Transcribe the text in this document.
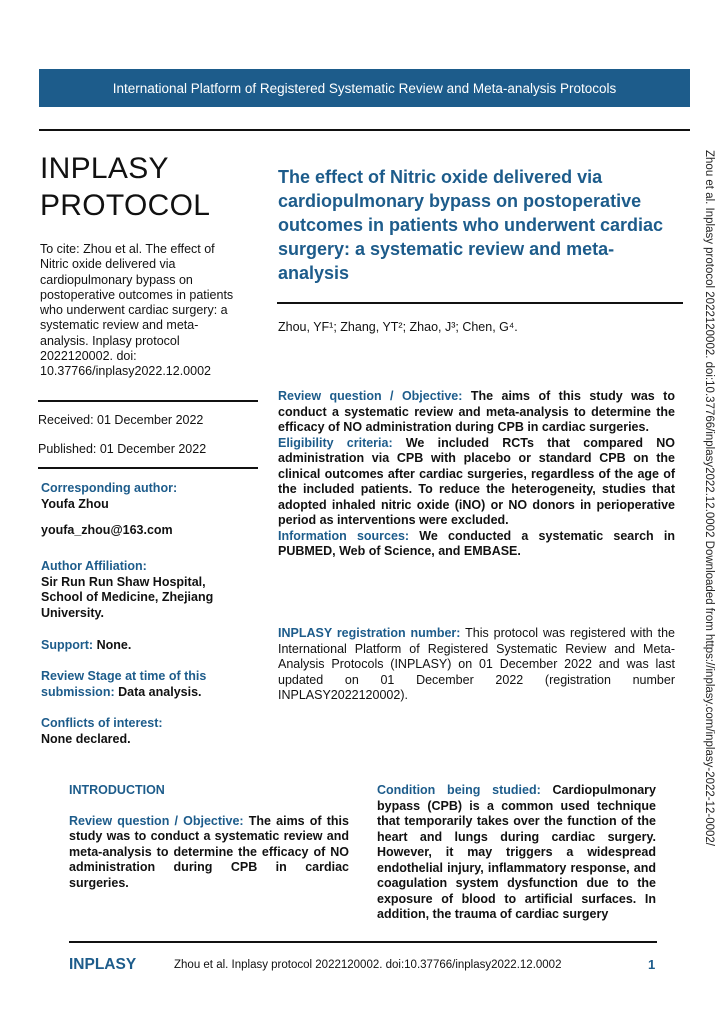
International Platform of Registered Systematic Review and Meta-analysis Protocols
Zhou et al. Inplasy protocol 2022120002. doi:10.37766/inplasy2022.12.0002 Downloaded from https://inplasy.com/inplasy-2022-12-0002/
INPLASY
PROTOCOL
To cite: Zhou et al. The effect of Nitric oxide delivered via cardiopulmonary bypass on postoperative outcomes in patients who underwent cardiac surgery: a systematic review and meta-analysis. Inplasy protocol 2022120002. doi: 10.37766/inplasy2022.12.0002
Received: 01 December 2022
Published: 01 December 2022
Corresponding author:
Youfa Zhou
youfa_zhou@163.com
Author Affiliation:
Sir Run Run Shaw Hospital, School of Medicine, Zhejiang University.
Support: None.
Review Stage at time of this submission: Data analysis.
Conflicts of interest:
None declared.
The effect of Nitric oxide delivered via cardiopulmonary bypass on postoperative outcomes in patients who underwent cardiac surgery: a systematic review and meta-analysis
Zhou, YF¹; Zhang, YT²; Zhao, J³; Chen, G⁴.

Review question / Objective: The aims of this study was to conduct a systematic review and meta-analysis to determine the efficacy of NO administration during CPB in cardiac surgeries.

Eligibility criteria: We included RCTs that compared NO administration via CPB with placebo or standard CPB on the clinical outcomes after cardiac surgeries, regardless of the age of the included patients. To reduce the heterogeneity, studies that adopted inhaled nitric oxide (iNO) or NO donors in perioperative period as interventions were excluded.

Information sources: We conducted a systematic search in PUBMED, Web of Science, and EMBASE.

INPLASY registration number: This protocol was registered with the International Platform of Registered Systematic Review and Meta-Analysis Protocols (INPLASY) on 01 December 2022 and was last updated on 01 December 2022 (registration number INPLASY2022120002).
INTRODUCTION

Review question / Objective: The aims of this study was to conduct a systematic review and meta-analysis to determine the efficacy of NO administration during CPB in cardiac surgeries.

Condition being studied: Cardiopulmonary bypass (CPB) is a common used technique that temporarily takes over the function of the heart and lungs during cardiac surgery. However, it may triggers a widespread endothelial injury, inflammatory response, and coagulation system dysfunction due to the exposure of blood to artificial surfaces. In addition, the trauma of cardiac surgery
INPLASY	Zhou et al. Inplasy protocol 2022120002. doi:10.37766/inplasy2022.12.0002	1
